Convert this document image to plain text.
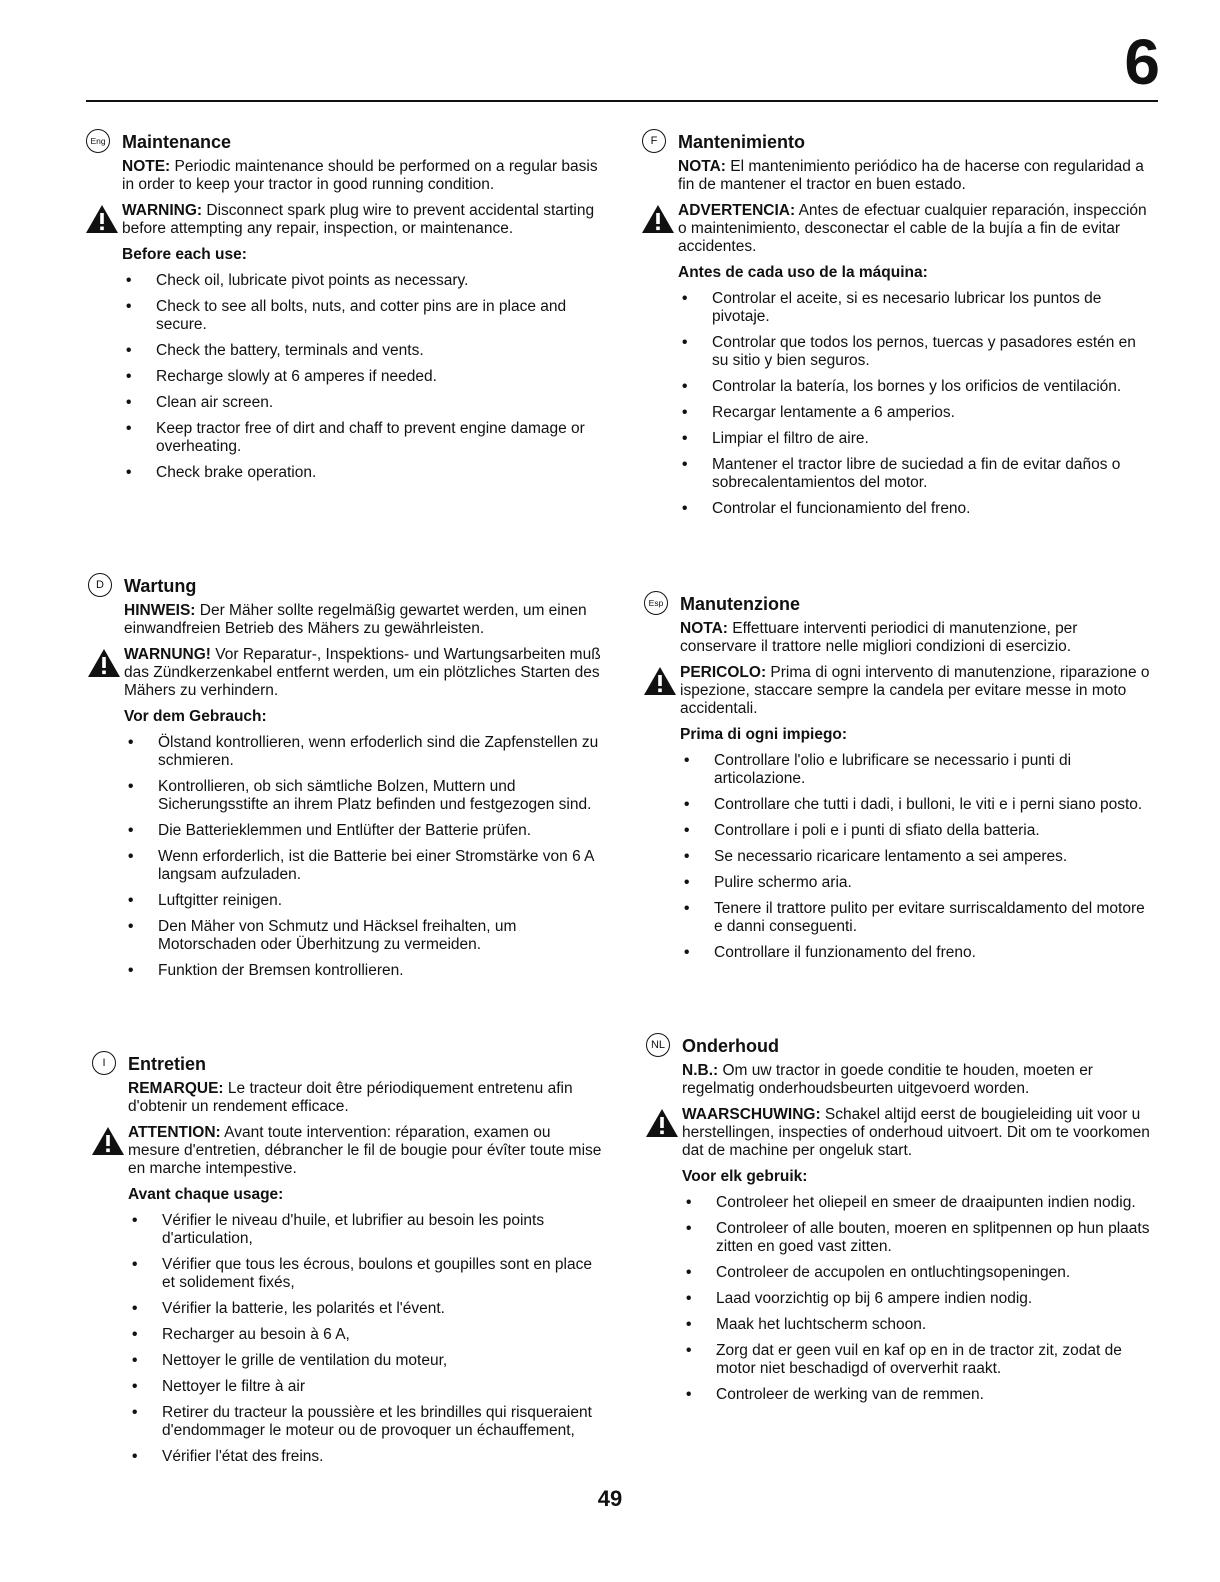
6
Eng Maintenance

NOTE: Periodic maintenance should be performed on a regular basis in order to keep your tractor in good running condition.

WARNING: Disconnect spark plug wire to prevent accidental starting before attempting any repair, inspection, or maintenance.
Before each use:
• Check oil, lubricate pivot points as necessary.
• Check to see all bolts, nuts, and cotter pins are in place and secure.
• Check the battery, terminals and vents.
• Recharge slowly at 6 amperes if needed.
• Clean air screen.
• Keep tractor free of dirt and chaff to prevent engine damage or overheating.
• Check brake operation.
D	Wartung

HINWEIS: Der Mäher sollte regelmäßig gewartet werden, um einen einwandfreien Betrieb des Mähers zu gewährleisten.

WARNUNG! Vor Reparatur-, Inspektions- und Wartungsarbeiten muß das Zündkerzenkabel entfernt werden, um ein plötzliches Starten des Mähers zu verhindern.
Vor dem Gebrauch:
• Ölstand kontrollieren, wenn erfoderlich sind die Zapfenstellen zu schmieren.
• Kontrollieren, ob sich sämtliche Bolzen, Muttern und Sicherungsstifte an ihrem Platz befinden und festgezogen sind.
• Die Batterieklemmen und Entlüfter der Batterie prüfen.
• Wenn erforderlich, ist die Batterie bei einer Stromstärke von 6 A langsam aufzuladen.
• Luftgitter reinigen.
• Den Mäher von Schmutz und Häcksel freihalten, um Motorschaden oder Überhitzung zu vermeiden.
• Funktion der Bremsen kontrollieren.
I	Entretien

REMARQUE: Le tracteur doit être périodiquement entretenu afin d'obtenir un rendement efficace.

ATTENTION: Avant toute intervention: réparation, examen ou mesure d'entretien, débrancher le fil de bougie pour évîter toute mise en marche intempestive.
Avant chaque usage:
• Vérifier le niveau d'huile, et lubrifier au besoin les points d'articulation,
• Vérifier que tous les écrous, boulons et goupilles sont en place et solidement fixés,
• Vérifier la batterie, les polarités et l'évent.
• Recharger au besoin à 6 A,
• Nettoyer le grille de ventilation du moteur,
• Nettoyer le filtre à air
• Retirer du tracteur la poussière et les brindilles qui risqueraient d'endommager le moteur ou de provoquer un échauffement,
• Vérifier l'état des freins.
F	Mantenimiento

NOTA: El mantenimiento periódico ha de hacerse con regularidad a fin de mantener el tractor en buen estado.

ADVERTENCIA: Antes de efectuar cualquier reparación, inspección o maintenimiento, desconectar el cable de la bujía a fin de evitar accidentes.
Antes de cada uso de la máquina:
• Controlar el aceite, si es necesario lubricar los puntos de pivotaje.
• Controlar que todos los pernos, tuercas y pasadores estén en su sitio y bien seguros.
• Controlar la batería, los bornes y los orificios de ventilación.
• Recargar lentamente a 6 amperios.
• Limpiar el filtro de aire.
• Mantener el tractor libre de suciedad a fin de evitar daños o sobrecalentamientos del motor.
• Controlar el funcionamiento del freno.
Esp Manutenzione

NOTA: Effettuare interventi periodici di manutenzione, per conservare il trattore nelle migliori condizioni di esercizio.

PERICOLO: Prima di ogni intervento di manutenzione, riparazione o ispezione, staccare sempre la candela per evitare messe in moto accidentali.
Prima di ogni impiego:
• Controllare l'olio e lubrificare se necessario i punti di articolazione.
• Controllare che tutti i dadi, i bulloni, le viti e i perni siano posto.
• Controllare i poli e i punti di sfiato della batteria.
• Se necessario ricaricare lentamento a sei amperes.
• Pulire schermo aria.
• Tenere il trattore pulito per evitare surriscaldamento del motore e danni conseguenti.
• Controllare il funzionamento del freno.
NL Onderhoud

N.B.: Om uw tractor in goede conditie te houden, moeten er regelmatig onderhoudsbeurten uitgevoerd worden.

WAARSCHUWING: Schakel altijd eerst de bougieleiding uit voor u herstellingen, inspecties of onderhoud uitvoert. Dit om te voorkomen dat de machine per ongeluk start.
Voor elk gebruik:
• Controleer het oliepeil en smeer de draaipunten indien nodig.
• Controleer of alle bouten, moeren en splitpennen op hun plaats zitten en goed vast zitten.
• Controleer de accupolen en ontluchtingsopeningen.
• Laad voorzichtig op bij 6 ampere indien nodig.
• Maak het luchtscherm schoon.
• Zorg dat er geen vuil en kaf op en in de tractor zit, zodat de motor niet beschadigd of oververhit raakt.
• Controleer de werking van de remmen.
49
